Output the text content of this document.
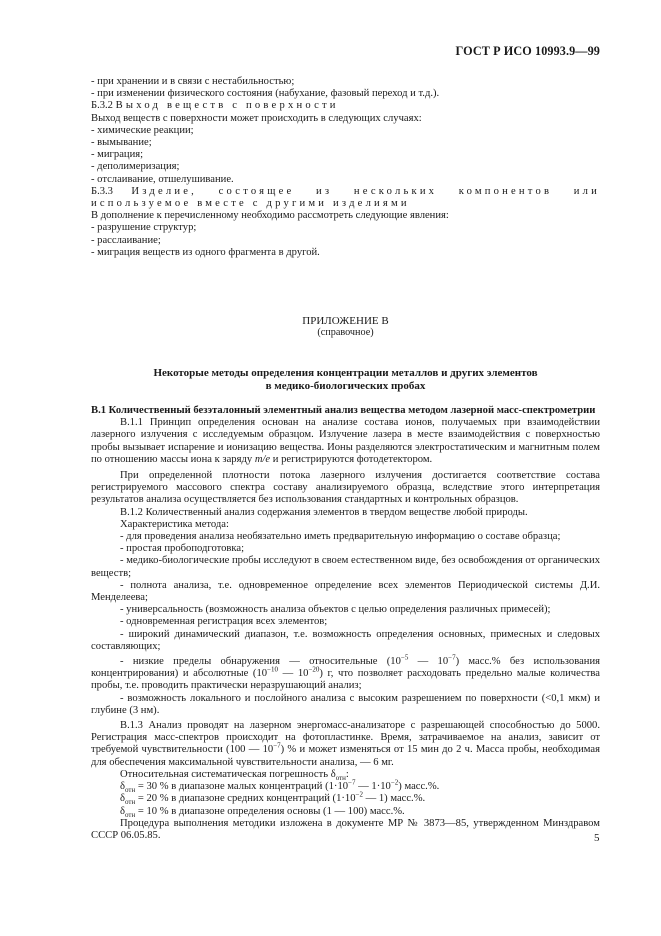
ГОСТ Р ИСО 10993.9—99

- при хранении и в связи с нестабильностью;

- при изменении физического состояния (набухание, фазовый переход и т.д.).

Б.3.2 Выход веществ с поверхности

Выход веществ с поверхности может происходить в следующих случаях:

- химические реакции;

- вымывание;

- миграция;

- деполимеризация;

- отслаивание, отшелушивание.

Б.3.3 Изделие, состоящее из нескольких компонентов или используемое вместе с другими изделиями

В дополнение к перечисленному необходимо рассмотреть следующие явления:

- разрушение структур;

- расслаивание;

- миграция веществ из одного фрагмента в другой.

ПРИЛОЖЕНИЕ В
(справочное)
Некоторые методы определения концентрации металлов и других элементов
в медико-биологических пробах

В.1 Количественный безэталонный элементный анализ вещества методом лазерной масс-спектрометрии

В.1.1 Принцип определения основан на анализе состава ионов, получаемых при взаимодействии лазерного излучения с исследуемым образцом. Излучение лазера в месте взаимодействия с поверхностью пробы вызывает испарение и ионизацию вещества. Ионы разделяются электростатическим и магнитным полем по отношению массы иона к заряду m/e и регистрируются фотодетектором.

При определенной плотности потока лазерного излучения достигается соответствие состава регистрируемого массового спектра составу анализируемого образца, вследствие этого интерпретация результатов анализа осуществляется без использования стандартных и контрольных образцов.

В.1.2 Количественный анализ содержания элементов в твердом веществе любой природы.

Характеристика метода:

- для проведения анализа необязательно иметь предварительную информацию о составе образца;

- простая пробоподготовка;

- медико-биологические пробы исследуют в своем естественном виде, без освобождения от органических веществ;

- полнота анализа, т.е. одновременное определение всех элементов Периодической системы Д.И. Менделеева;

- универсальность (возможность анализа объектов с целью определения различных примесей);

- одновременная регистрация всех элементов;

- широкий динамический диапазон, т.е. возможность определения основных, примесных и следовых составляющих;

- низкие пределы обнаружения — относительные ($10^{-5}$ — $10^{-7}$) масс.% без использования концентрирования) и абсолютные ($10^{-10}$ — $10^{-20}$) г, что позволяет расходовать предельно малые количества пробы, т.е. проводить практически неразрушающий анализ;

- возможность локального и послойного анализа с высоким разрешением по поверхности (<0,1 мкм) и глубине (3 нм).

В.1.3 Анализ проводят на лазерном энергомасс-анализаторе с разрешающей способностью до 5000. Регистрация масс-спектров происходит на фотопластинке. Время, затрачиваемое на анализ, зависит от требуемой чувствительности (100 — $10^{-7}$) % и может изменяться от 15 мин до 2 ч. Масса пробы, необходимая для обеспечения максимальной чувствительности анализа, — 6 мг.

Относительная систематическая погрешность $\delta_{отн}$:

$\delta_{отн} = 30$ % в диапазоне малых концентраций ($1\cdot 10^{-7}$ — $1\cdot 10^{-2}$) масс.%.

$\delta_{отн} = 20$ % в диапазоне средних концентраций ($1\cdot 10^{-2}$ — 1) масс.%.

$\delta_{отн} = 10$ % в диапазоне определения основы (1 — 100) масс.%.

Процедура выполнения методики изложена в документе МР № 3873—85, утвержденном Минздравом СССР 06.05.85.	5
